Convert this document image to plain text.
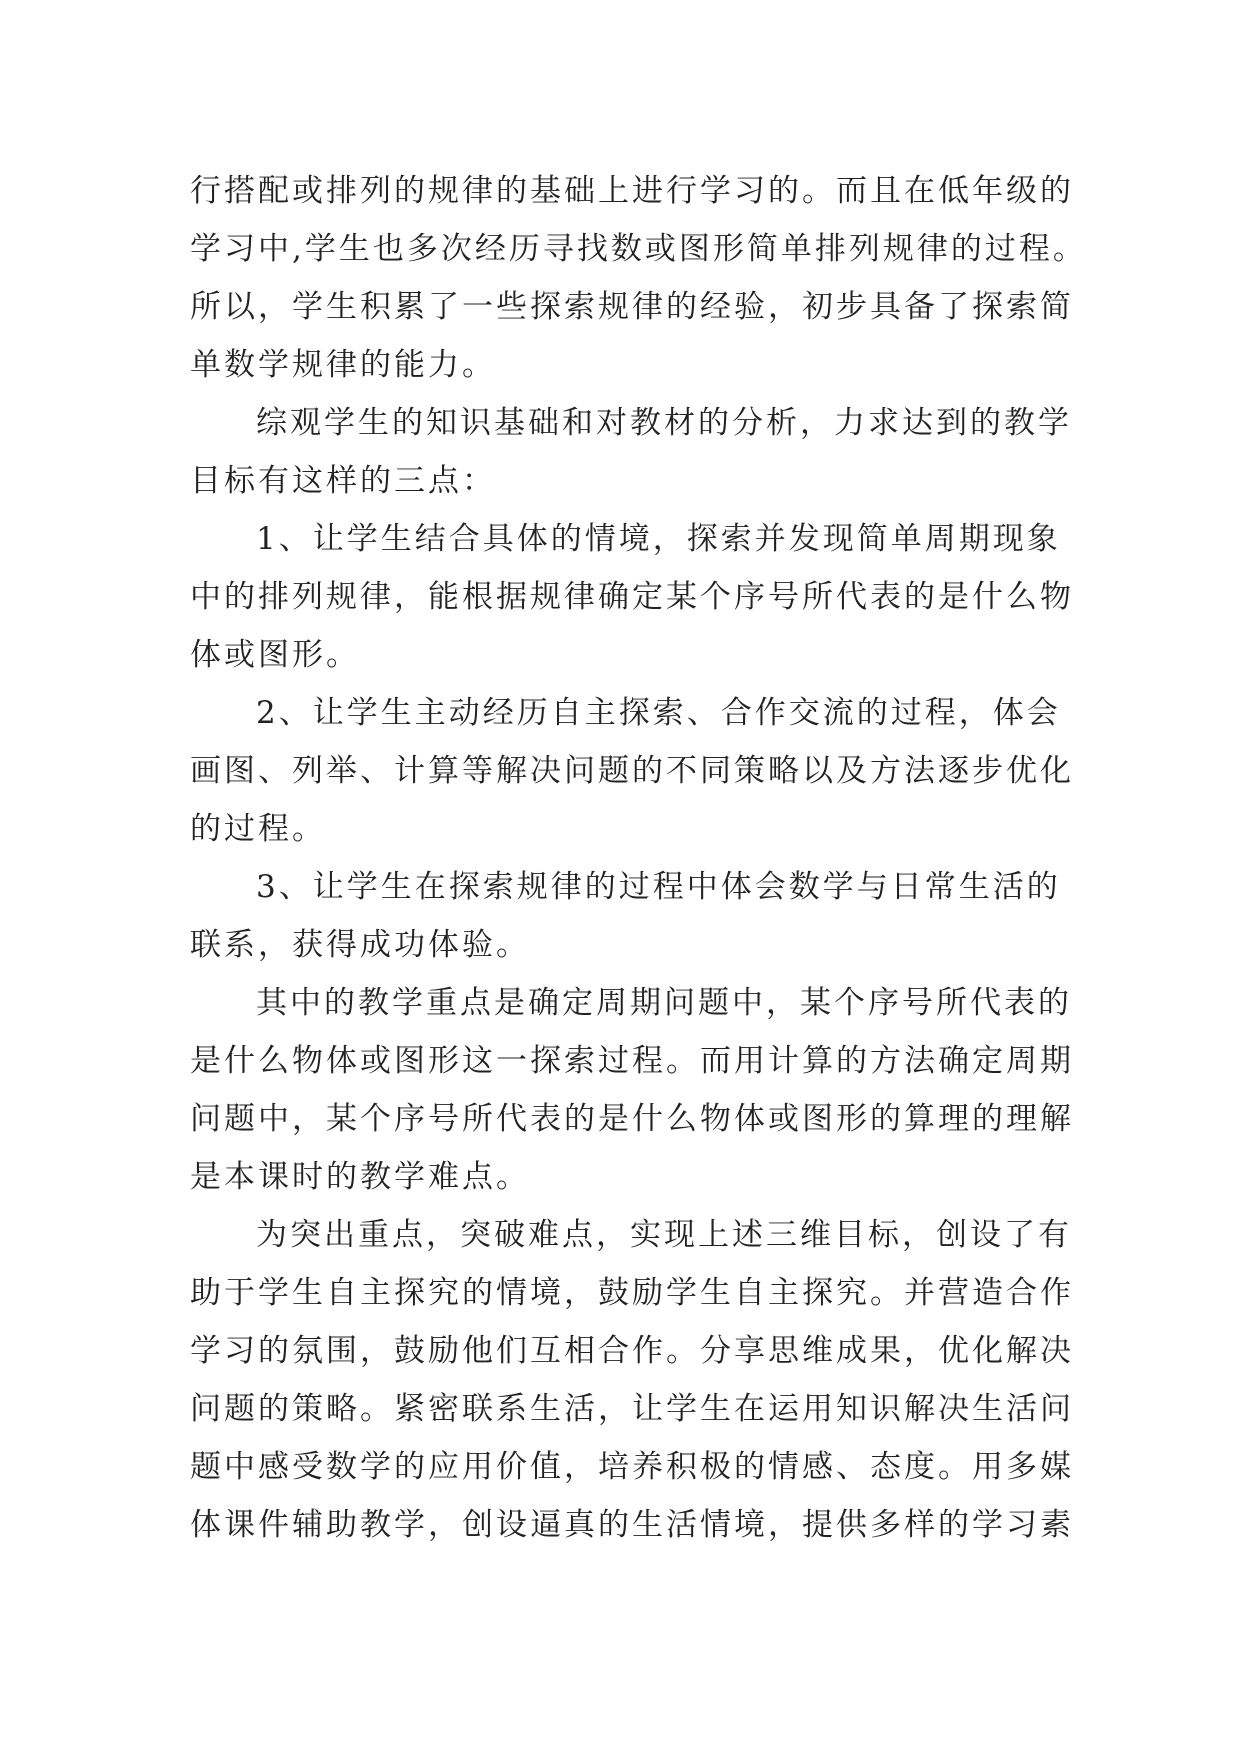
行搭配或排列的规律的基础上进行学习的。而且在低年级的
学习中,学生也多次经历寻找数或图形简单排列规律的过程。
所以，学生积累了一些探索规律的经验，初步具备了探索简
单数学规律的能力。
综观学生的知识基础和对教材的分析，力求达到的教学
目标有这样的三点：
1、让学生结合具体的情境，探索并发现简单周期现象
中的排列规律，能根据规律确定某个序号所代表的是什么物
体或图形。
2、让学生主动经历自主探索、合作交流的过程，体会
画图、列举、计算等解决问题的不同策略以及方法逐步优化
的过程。
3、让学生在探索规律的过程中体会数学与日常生活的
联系，获得成功体验。
其中的教学重点是确定周期问题中，某个序号所代表的
是什么物体或图形这一探索过程。而用计算的方法确定周期
问题中，某个序号所代表的是什么物体或图形的算理的理解
是本课时的教学难点。
为突出重点，突破难点，实现上述三维目标，创设了有
助于学生自主探究的情境，鼓励学生自主探究。并营造合作
学习的氛围，鼓励他们互相合作。分享思维成果，优化解决
问题的策略。紧密联系生活，让学生在运用知识解决生活问
题中感受数学的应用价值，培养积极的情感、态度。用多媒
体课件辅助教学，创设逼真的生活情境，提供多样的学习素
